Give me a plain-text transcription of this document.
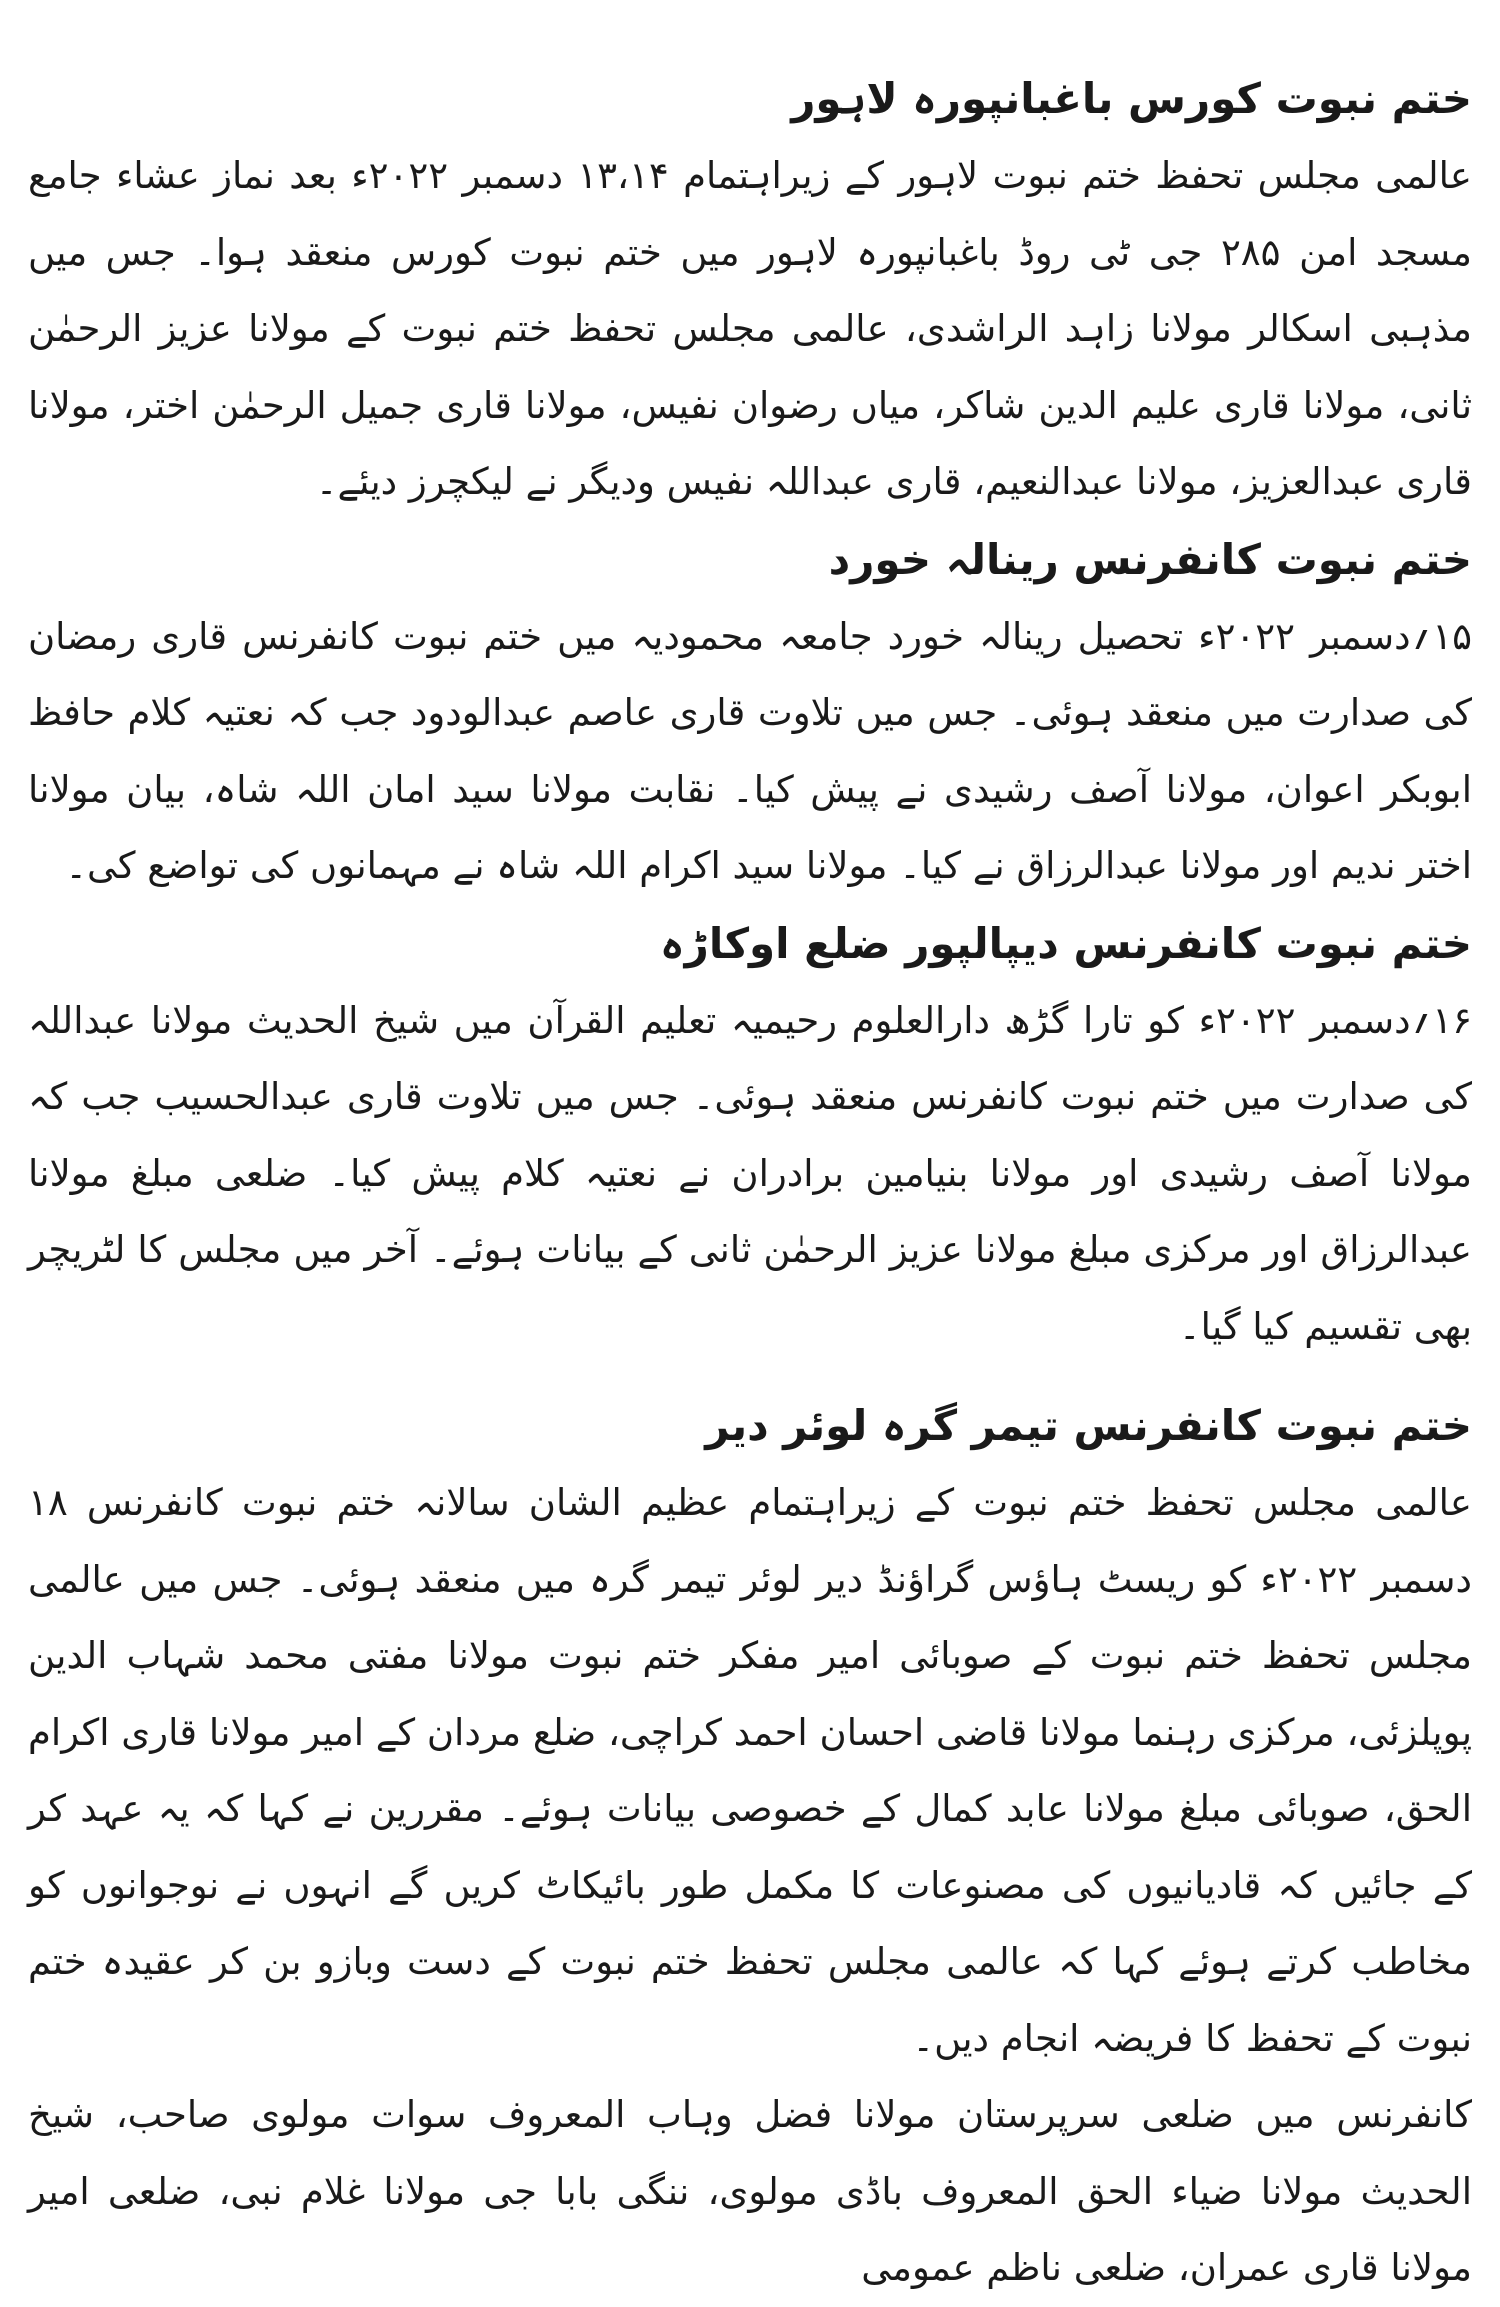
ختم نبوت کورس باغبانپورہ لاہور

عالمی مجلس تحفظ ختم نبوت لاہور کے زیراہتمام ۱۳،۱۴ دسمبر ۲۰۲۲ء بعد نماز عشاء جامع مسجد امن ۲۸۵ جی ٹی روڈ باغبانپورہ لاہور میں ختم نبوت کورس منعقد ہوا۔ جس میں مذہبی اسکالر مولانا زاہد الراشدی، عالمی مجلس تحفظ ختم نبوت کے مولانا عزیز الرحمٰن ثانی، مولانا قاری علیم الدین شاکر، میاں رضوان نفیس، مولانا قاری جمیل الرحمٰن اختر، مولانا قاری عبدالعزیز، مولانا عبدالنعیم، قاری عبداللہ نفیس ودیگر نے لیکچرز دیئے۔

ختم نبوت کانفرنس رینالہ خورد

۱۵؍دسمبر ۲۰۲۲ء تحصیل رینالہ خورد جامعہ محمودیہ میں ختم نبوت کانفرنس قاری رمضان کی صدارت میں منعقد ہوئی۔ جس میں تلاوت قاری عاصم عبدالودود جب کہ نعتیہ کلام حافظ ابوبکر اعوان، مولانا آصف رشیدی نے پیش کیا۔ نقابت مولانا سید امان اللہ شاہ، بیان مولانا اختر ندیم اور مولانا عبدالرزاق نے کیا۔ مولانا سید اکرام اللہ شاہ نے مہمانوں کی تواضع کی۔

ختم نبوت کانفرنس دیپالپور ضلع اوکاڑہ

۱۶؍دسمبر ۲۰۲۲ء کو تارا گڑھ دارالعلوم رحیمیہ تعلیم القرآن میں شیخ الحدیث مولانا عبداللہ کی صدارت میں ختم نبوت کانفرنس منعقد ہوئی۔ جس میں تلاوت قاری عبدالحسیب جب کہ مولانا آصف رشیدی اور مولانا بنیامین برادران نے نعتیہ کلام پیش کیا۔ ضلعی مبلغ مولانا عبدالرزاق اور مرکزی مبلغ مولانا عزیز الرحمٰن ثانی کے بیانات ہوئے۔ آخر میں مجلس کا لٹریچر بھی تقسیم کیا گیا۔

ختم نبوت کانفرنس تیمر گرہ لوئر دیر

عالمی مجلس تحفظ ختم نبوت کے زیراہتمام عظیم الشان سالانہ ختم نبوت کانفرنس ۱۸ دسمبر ۲۰۲۲ء کو ریسٹ ہاؤس گراؤنڈ دیر لوئر تیمر گرہ میں منعقد ہوئی۔ جس میں عالمی مجلس تحفظ ختم نبوت کے صوبائی امیر مفکر ختم نبوت مولانا مفتی محمد شہاب الدین پوپلزئی، مرکزی رہنما مولانا قاضی احسان احمد کراچی، ضلع مردان کے امیر مولانا قاری اکرام الحق، صوبائی مبلغ مولانا عابد کمال کے خصوصی بیانات ہوئے۔ مقررین نے کہا کہ یہ عہد کر کے جائیں کہ قادیانیوں کی مصنوعات کا مکمل طور بائیکاٹ کریں گے انہوں نے نوجوانوں کو مخاطب کرتے ہوئے کہا کہ عالمی مجلس تحفظ ختم نبوت کے دست وبازو بن کر عقیدہ ختم نبوت کے تحفظ کا فریضہ انجام دیں۔

کانفرنس میں ضلعی سرپرستان مولانا فضل وہاب المعروف سوات مولوی صاحب، شیخ الحدیث مولانا ضیاء الحق المعروف باڈی مولوی، ننگی بابا جی مولانا غلام نبی، ضلعی امیر مولانا قاری عمران، ضلعی ناظم عمومی
